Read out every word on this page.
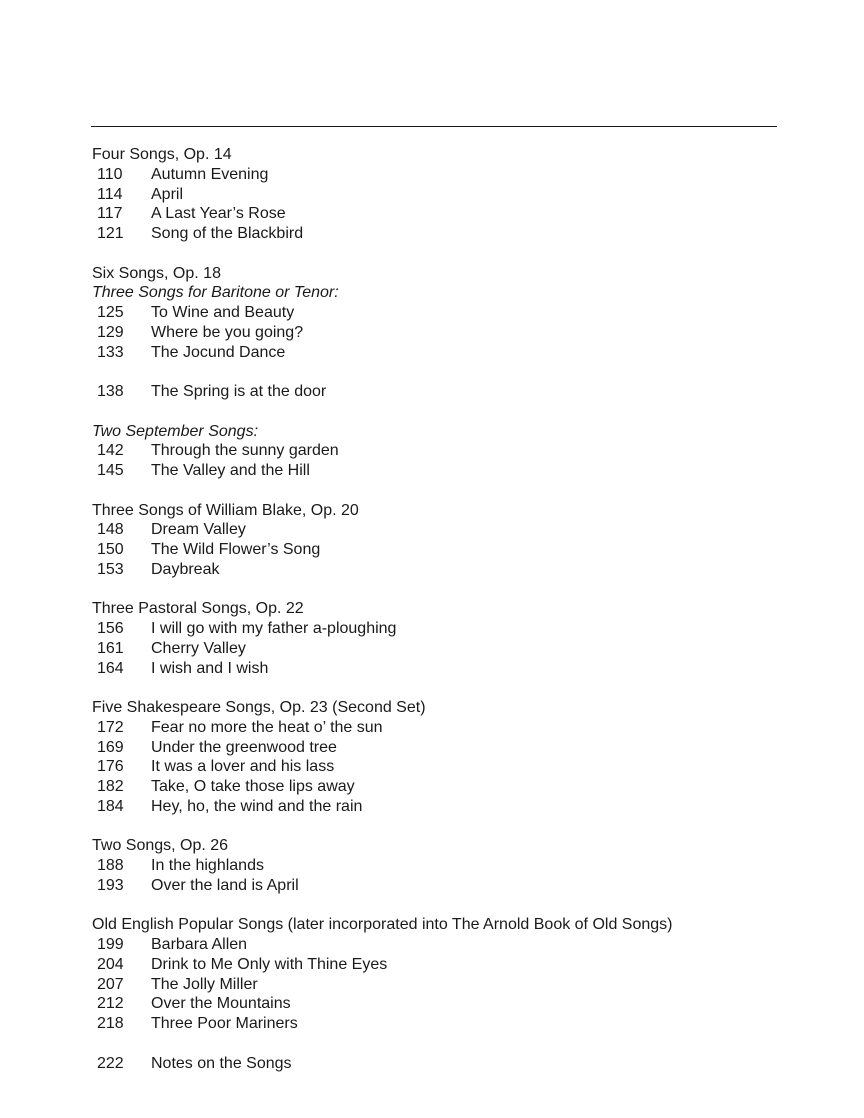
Four Songs, Op. 14
110 Autumn Evening
114 April
117 A Last Year’s Rose
121 Song of the Blackbird
Six Songs, Op. 18
Three Songs for Baritone or Tenor:
125 To Wine and Beauty
129 Where be you going?
133 The Jocund Dance
138 The Spring is at the door
Two September Songs:
142 Through the sunny garden
145 The Valley and the Hill
Three Songs of William Blake, Op. 20
148 Dream Valley
150 The Wild Flower’s Song
153 Daybreak
Three Pastoral Songs, Op. 22
156 I will go with my father a-ploughing
161 Cherry Valley
164 I wish and I wish
Five Shakespeare Songs, Op. 23 (Second Set)
172 Fear no more the heat o’ the sun
169 Under the greenwood tree
176 It was a lover and his lass
182 Take, O take those lips away
184 Hey, ho, the wind and the rain
Two Songs, Op. 26
188 In the highlands
193 Over the land is April
Old English Popular Songs (later incorporated into The Arnold Book of Old Songs)
199 Barbara Allen
204 Drink to Me Only with Thine Eyes
207 The Jolly Miller
212 Over the Mountains
218 Three Poor Mariners
222 Notes on the Songs
